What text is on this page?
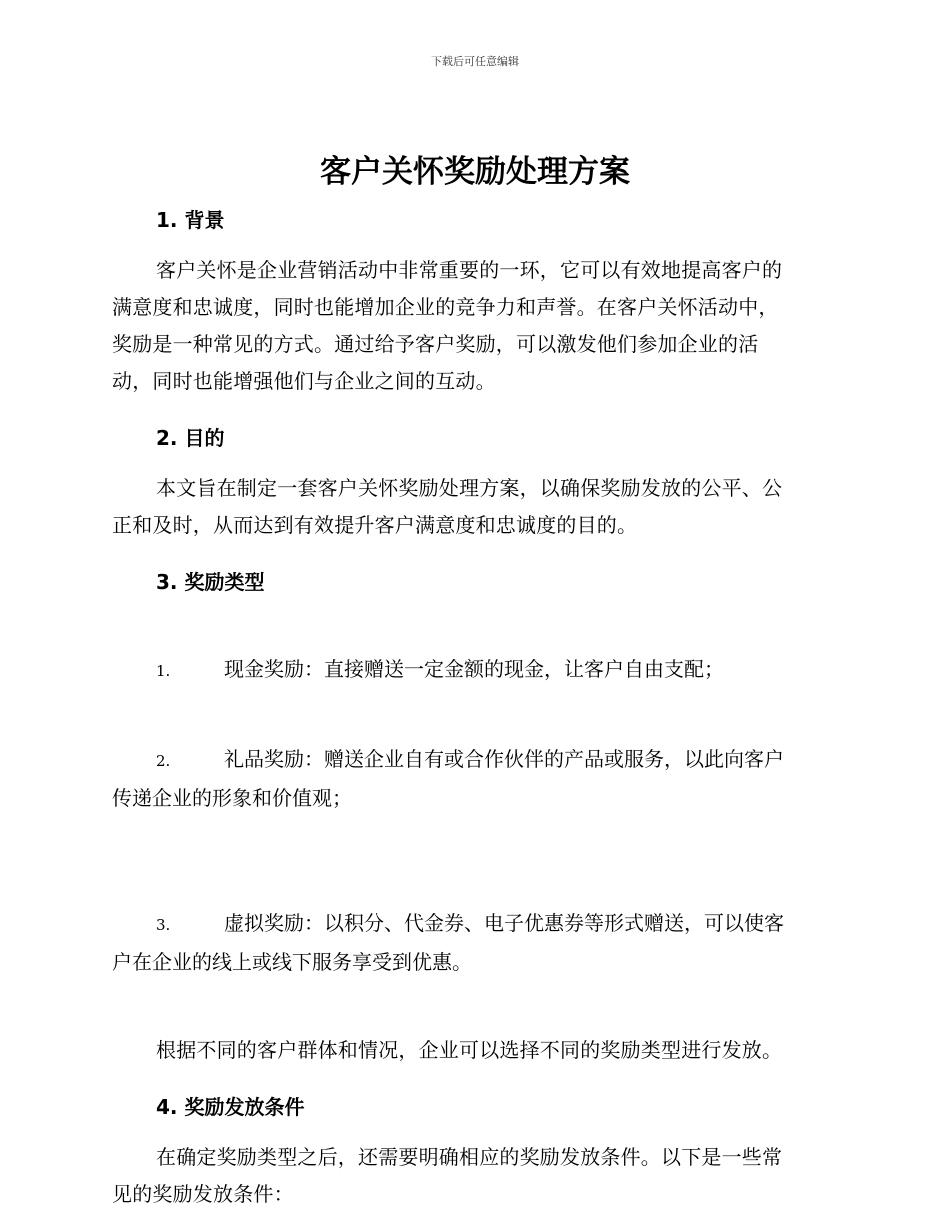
下载后可任意编辑
客户关怀奖励处理方案
1. 背景

客户关怀是企业营销活动中非常重要的一环，它可以有效地提高客户的
满意度和忠诚度，同时也能增加企业的竞争力和声誉。在客户关怀活动中，
奖励是一种常见的方式。通过给予客户奖励，可以激发他们参加企业的活
动，同时也能增强他们与企业之间的互动。

2. 目的

本文旨在制定一套客户关怀奖励处理方案，以确保奖励发放的公平、公
正和及时，从而达到有效提升客户满意度和忠诚度的目的。

3. 奖励类型

1.	现金奖励：直接赠送一定金额的现金，让客户自由支配；

2.	礼品奖励：赠送企业自有或合作伙伴的产品或服务，以此向客户

传递企业的形象和价值观；

3.	虚拟奖励：以积分、代金券、电子优惠券等形式赠送，可以使客

户在企业的线上或线下服务享受到优惠。

根据不同的客户群体和情况，企业可以选择不同的奖励类型进行发放。

4. 奖励发放条件

在确定奖励类型之后，还需要明确相应的奖励发放条件。以下是一些常
见的奖励发放条件：
